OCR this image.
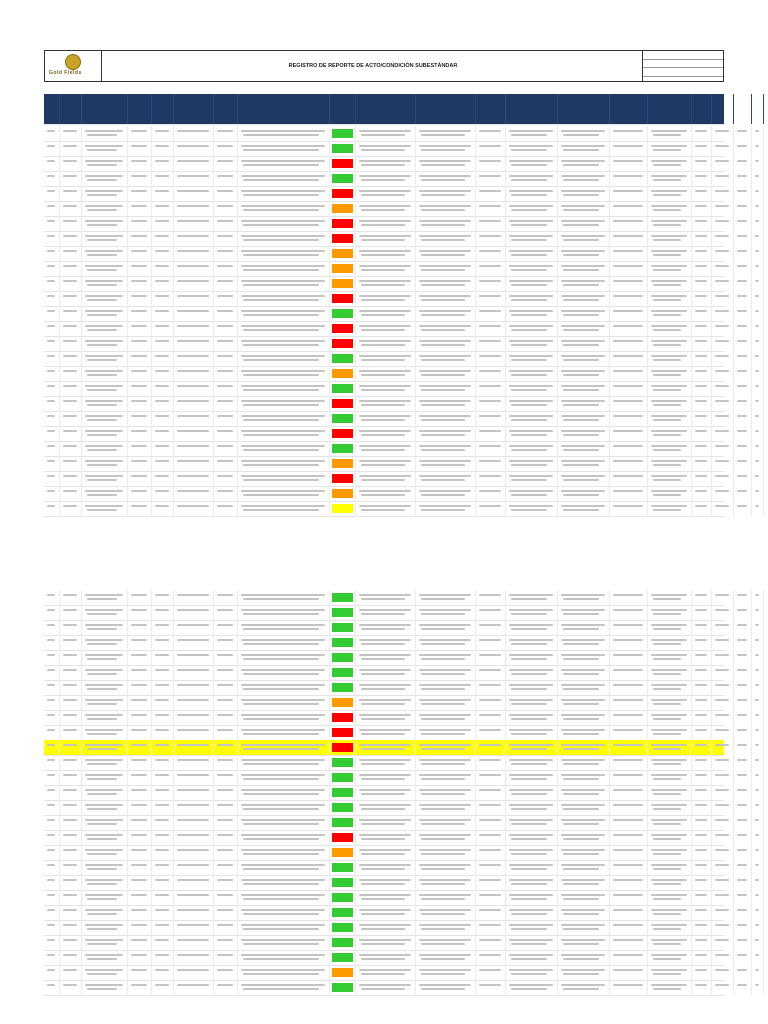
Gold Fields
REGISTRO DE REPORTE DE ACTO/CONDICIÓN SUBESTÁNDAR
